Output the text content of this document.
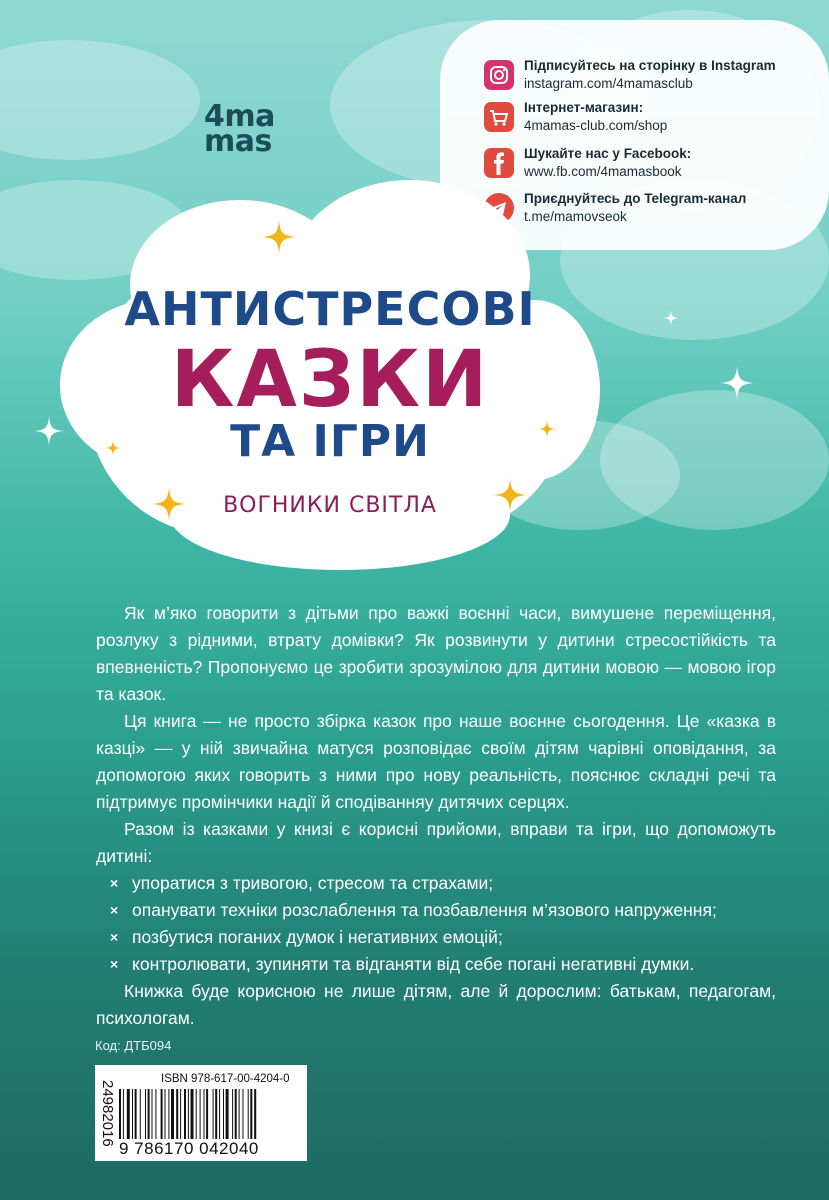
4ma
mas
Підписуйтесь на сторінку в Instagram
instagram.com/4mamasclub
Інтернет-магазин:
4mamas-club.com/shop
Шукайте нас у Facebook:
www.fb.com/4mamasbook
Приєднуйтесь до Telegram-канал
t.me/mamovseok
АНТИСТРЕСОВІ
КАЗКИ
ТА ІГРИ
ВОГНИКИ СВІТЛА

Як м’яко говорити з дітьми про важкі воєнні часи, вимушене переміщення, розлуку з рідними, втрату домівки? Як розвинути у дитини стресостійкість та впевненість? Пропонуємо це зробити зрозумілою для дитини мовою — мовою ігор та казок.

Ця книга — не просто збірка казок про наше воєнне сьогодення. Це «казка в казці» — у ній звичайна матуся розповідає своїм дітям чарівні оповідання, за допомогою яких говорить з ними про нову реальність, пояснює складні речі та підтримує промінчики надії й сподіванняу дитячих серцях.

Разом із казками у книзі є корисні прийоми, вправи та ігри, що допоможуть дитині:

× упоратися з тривогою, стресом та страхами;
× опанувати техніки розслаблення та позбавлення м’язового напруження;
× позбутися поганих думок і негативних емоцій;
× контролювати, зупиняти та відганяти від себе погані негативні думки.

Книжка буде корисною не лише дітям, але й дорослим: батькам, педагогам, психологам.

Код: ДТБ094
24982016
ISBN 978-617-00-4204-0
9 786170 042040
